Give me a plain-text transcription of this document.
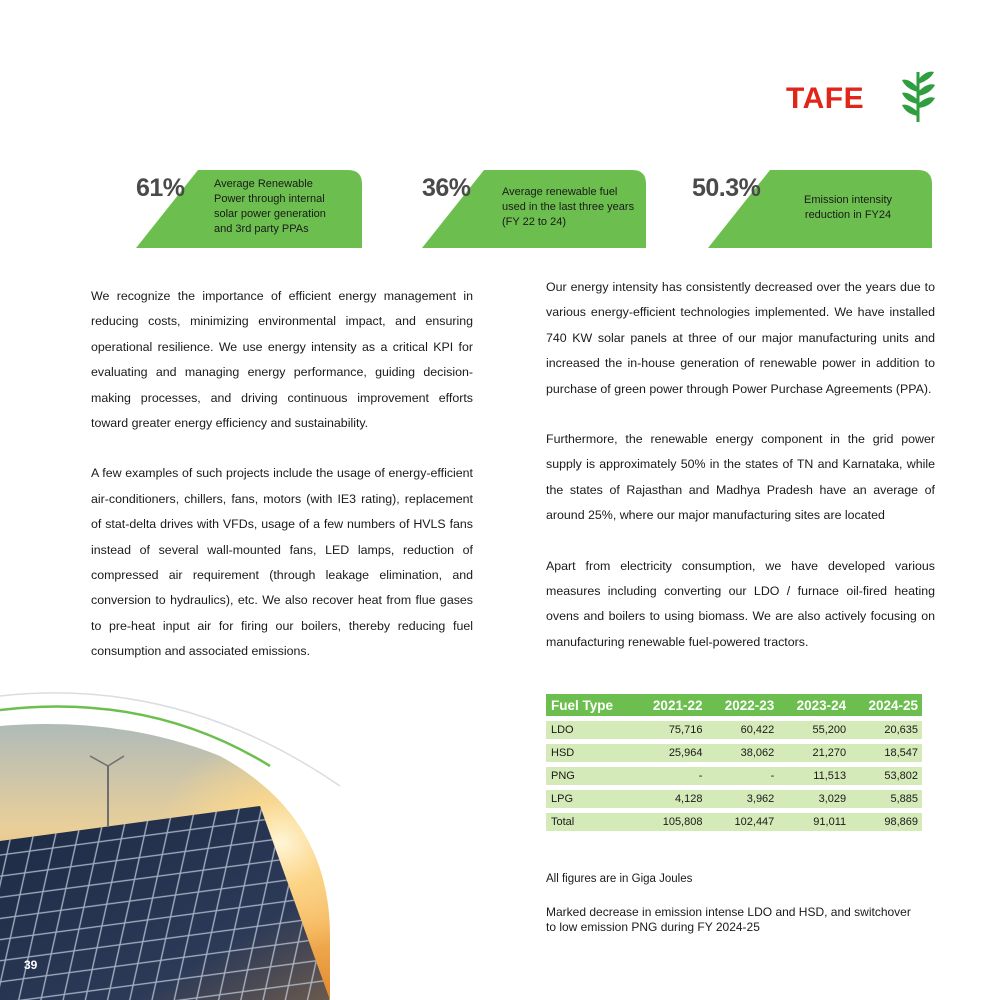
TAFE
61%	Average Renewable
Power through internal
solar power generation
and 3rd party PPAs
36%	Average renewable fuel
used in the last three years
(FY 22 to 24)
50.3%	Emission intensity
reduction in FY24

We recognize the importance of efficient energy management in reducing costs, minimizing environmental impact, and ensuring operational resilience. We use energy intensity as a critical KPI for evaluating and managing energy performance, guiding decision-making processes, and driving continuous improvement efforts toward greater energy efficiency and sustainability.

A few examples of such projects include the usage of energy-efficient air-conditioners, chillers, fans, motors (with IE3 rating), replacement of stat-delta drives with VFDs, usage of a few numbers of HVLS fans instead of several wall-mounted fans, LED lamps, reduction of compressed air requirement (through leakage elimination, and conversion to hydraulics), etc. We also recover heat from flue gases to pre-heat input air for firing our boilers, thereby reducing fuel consumption and associated emissions.

Our energy intensity has consistently decreased over the years due to various energy-efficient technologies implemented. We have installed 740 KW solar panels at three of our major manufacturing units and increased the in-house generation of renewable power in addition to purchase of green power through Power Purchase Agreements (PPA).

Furthermore, the renewable energy component in the grid power supply is approximately 50% in the states of TN and Karnataka, while the states of Rajasthan and Madhya Pradesh have an average of around 25%, where our major manufacturing sites are located

Apart from electricity consumption, we have developed various measures including converting our LDO / furnace oil-fired heating ovens and boilers to using biomass. We are also actively focusing on manufacturing renewable fuel-powered tractors.

Fuel Type	2021-22	2022-23	2023-24	2024-25
LDO	75,716	60,422	55,200	20,635
HSD	25,964	38,062	21,270	18,547
PNG	-	-	11,513	53,802
LPG	4,128	3,962	3,029	5,885
Total	105,808	102,447	91,011	98,869
All figures are in Giga Joules
Marked decrease in emission intense LDO and HSD, and switchover
to low emission PNG during FY 2024-25
39
